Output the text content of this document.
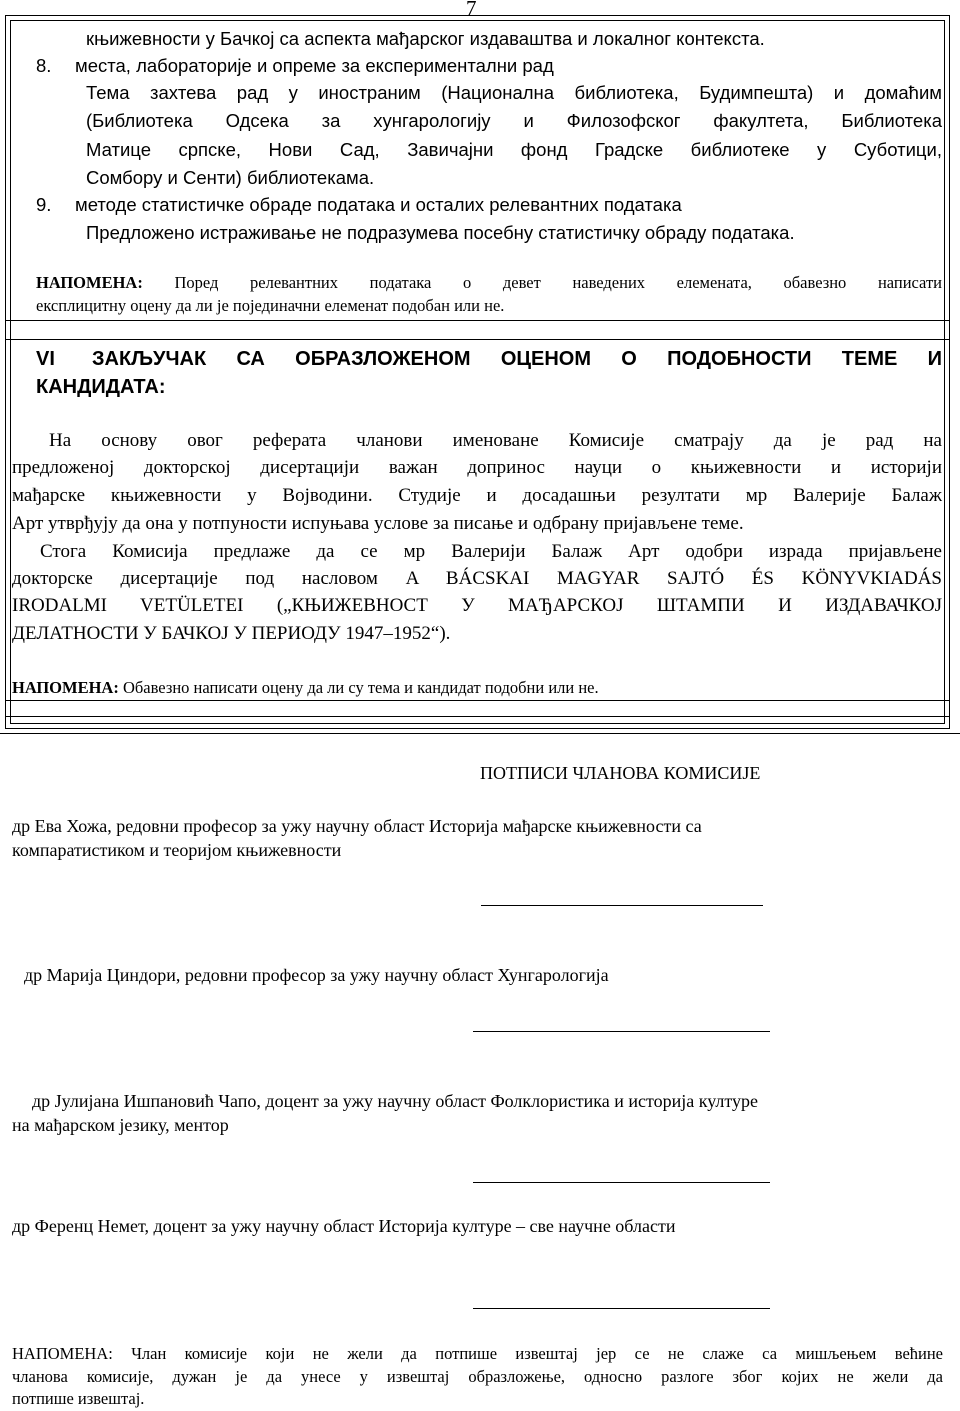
7
књижевности у Бачкој са аспекта мађарског издаваштва и локалног контекста.
8. места, лабораторије и опреме за експериментални рад
Тема захтева рад у иностраним (Национална библиотека, Будимпешта) и домаћим
(Библиотека Одсека за хунгарологију и Филозофског факултета, Библиотека
Матице српске, Нови Сад, Завичајни фонд Градске библиотеке у Суботици,
Сомбору и Сенти) библиотекама.
9. методе статистичке обраде података и осталих релевантних података
Предложено истраживање не подразумева посебну статистичку обраду података.
НАПОМЕНА: Поред релевантних података о девет наведених елемената, обавезно написати
експлицитну оцену да ли је појединачни елеменат подобан или не.
VI ЗАКЉУЧАК СА ОБРАЗЛОЖЕНОМ ОЦЕНОМ О ПОДОБНОСТИ ТЕМЕ И
КАНДИДАТА:
На основу овог реферата чланови именоване Комисије сматрају да је рад на
предложеној докторској дисертацији важан допринос науци о књижевности и историји
мађарске књижевности у Војводини. Студије и досадашњи резултати мр Валерије Балаж
Арт утврђују да она у потпуности испуњава услове за писање и одбрану пријављене теме.
Стога Комисија предлаже да се мр Валерији Балаж Арт одобри израда пријављене
докторске дисертације под насловом A BÁCSKAI MAGYAR SAJTÓ ÉS KÖNYVKIADÁS
IRODALMI VETÜLETEI („КЊИЖЕВНОСТ У МАЂАРСКОЈ ШТАМПИ И ИЗДАВАЧКОЈ
ДЕЛАТНОСТИ У БАЧКОЈ У ПЕРИОДУ 1947–1952“).
НАПОМЕНА: Обавезно написати оцену да ли су тема и кандидат подобни или не.
ПОТПИСИ ЧЛАНОВА КОМИСИЈЕ
др Ева Хожа, редовни професор за ужу научну област Историја мађарске књижевности са
компаратистиком и теоријом књижевности
др Марија Циндори, редовни професор за ужу научну област Хунгарологија
др Јулијана Ишпановић Чапо, доцент за ужу научну област Фолклористика и историја културе
на мађарском језику, ментор
др Ференц Немет, доцент за ужу научну област Историја културе – све научне области
НАПОМЕНА: Члан комисије који не жели да потпише извештај јер се не слаже са мишљењем већине
чланова комисије, дужан је да унесе у извештај образложење, односно разлоге због којих не жели да
потпише извештај.
